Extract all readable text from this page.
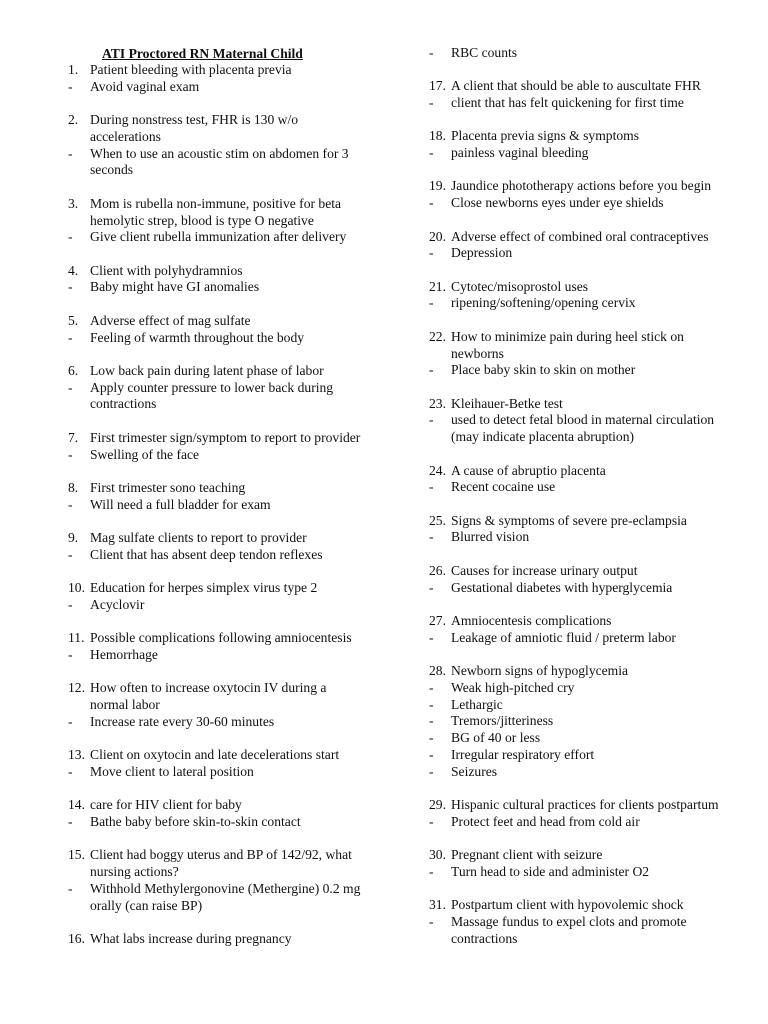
ATI Proctored RN Maternal Child
1. Patient bleeding with placenta previa
- Avoid vaginal exam
2. During nonstress test, FHR is 130 w/o accelerations
- When to use an acoustic stim on abdomen for 3 seconds
3. Mom is rubella non-immune, positive for beta hemolytic strep, blood is type O negative
- Give client rubella immunization after delivery
4. Client with polyhydramnios
- Baby might have GI anomalies
5. Adverse effect of mag sulfate
- Feeling of warmth throughout the body
6. Low back pain during latent phase of labor
- Apply counter pressure to lower back during contractions
7. First trimester sign/symptom to report to provider
- Swelling of the face
8. First trimester sono teaching
- Will need a full bladder for exam
9. Mag sulfate clients to report to provider
- Client that has absent deep tendon reflexes
10. Education for herpes simplex virus type 2
- Acyclovir
11. Possible complications following amniocentesis
- Hemorrhage
12. How often to increase oxytocin IV during a normal labor
- Increase rate every 30-60 minutes
13. Client on oxytocin and late decelerations start
- Move client to lateral position
14. care for HIV client for baby
- Bathe baby before skin-to-skin contact
15. Client had boggy uterus and BP of 142/92, what nursing actions?
- Withhold Methylergonovine (Methergine) 0.2 mg orally (can raise BP)
16. What labs increase during pregnancy
- RBC counts
17. A client that should be able to auscultate FHR
- client that has felt quickening for first time
18. Placenta previa signs & symptoms
- painless vaginal bleeding
19. Jaundice phototherapy actions before you begin
- Close newborns eyes under eye shields
20. Adverse effect of combined oral contraceptives
- Depression
21. Cytotec/misoprostol uses
- ripening/softening/opening cervix
22. How to minimize pain during heel stick on newborns
- Place baby skin to skin on mother
23. Kleihauer-Betke test
- used to detect fetal blood in maternal circulation (may indicate placenta abruption)
24. A cause of abruptio placenta
- Recent cocaine use
25. Signs & symptoms of severe pre-eclampsia
- Blurred vision
26. Causes for increase urinary output
- Gestational diabetes with hyperglycemia
27. Amniocentesis complications
- Leakage of amniotic fluid / preterm labor
28. Newborn signs of hypoglycemia
- Weak high-pitched cry
- Lethargic
- Tremors/jitteriness
- BG of 40 or less
- Irregular respiratory effort
- Seizures
29. Hispanic cultural practices for clients postpartum
- Protect feet and head from cold air
30. Pregnant client with seizure
- Turn head to side and administer O2
31. Postpartum client with hypovolemic shock
- Massage fundus to expel clots and promote contractions
